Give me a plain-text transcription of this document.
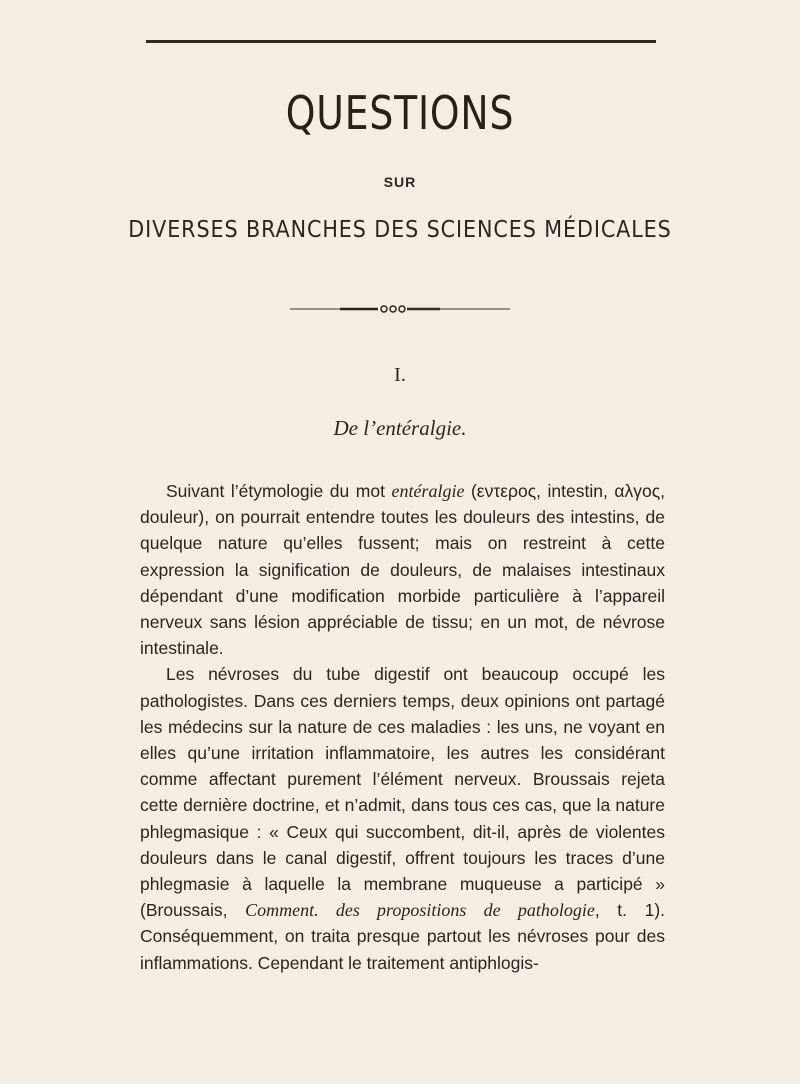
QUESTIONS
SUR
DIVERSES BRANCHES DES SCIENCES MÉDICALES
I.
De l’entéralgie.

Suivant l’étymologie du mot entéralgie (εντερος, intestin, αλγος, douleur), on pourrait entendre toutes les douleurs des intestins, de quelque nature qu’elles fussent; mais on restreint à cette expression la signification de douleurs, de malaises intestinaux dépendant d’une modification morbide particulière à l’appareil nerveux sans lésion appréciable de tissu; en un mot, de névrose intestinale.

Les névroses du tube digestif ont beaucoup occupé les pathologistes. Dans ces derniers temps, deux opinions ont partagé les médecins sur la nature de ces maladies : les uns, ne voyant en elles qu’une irritation inflammatoire, les autres les considérant comme affectant purement l’élément nerveux. Broussais rejeta cette dernière doctrine, et n’admit, dans tous ces cas, que la nature phlegmasique : « Ceux qui succombent, dit-il, après de violentes douleurs dans le canal digestif, offrent toujours les traces d’une phlegmasie à laquelle la membrane muqueuse a participé » (Broussais, Comment. des propositions de pathologie, t. 1). Conséquemment, on traita presque partout les névroses pour des inflammations. Cependant le traitement antiphlogis-
